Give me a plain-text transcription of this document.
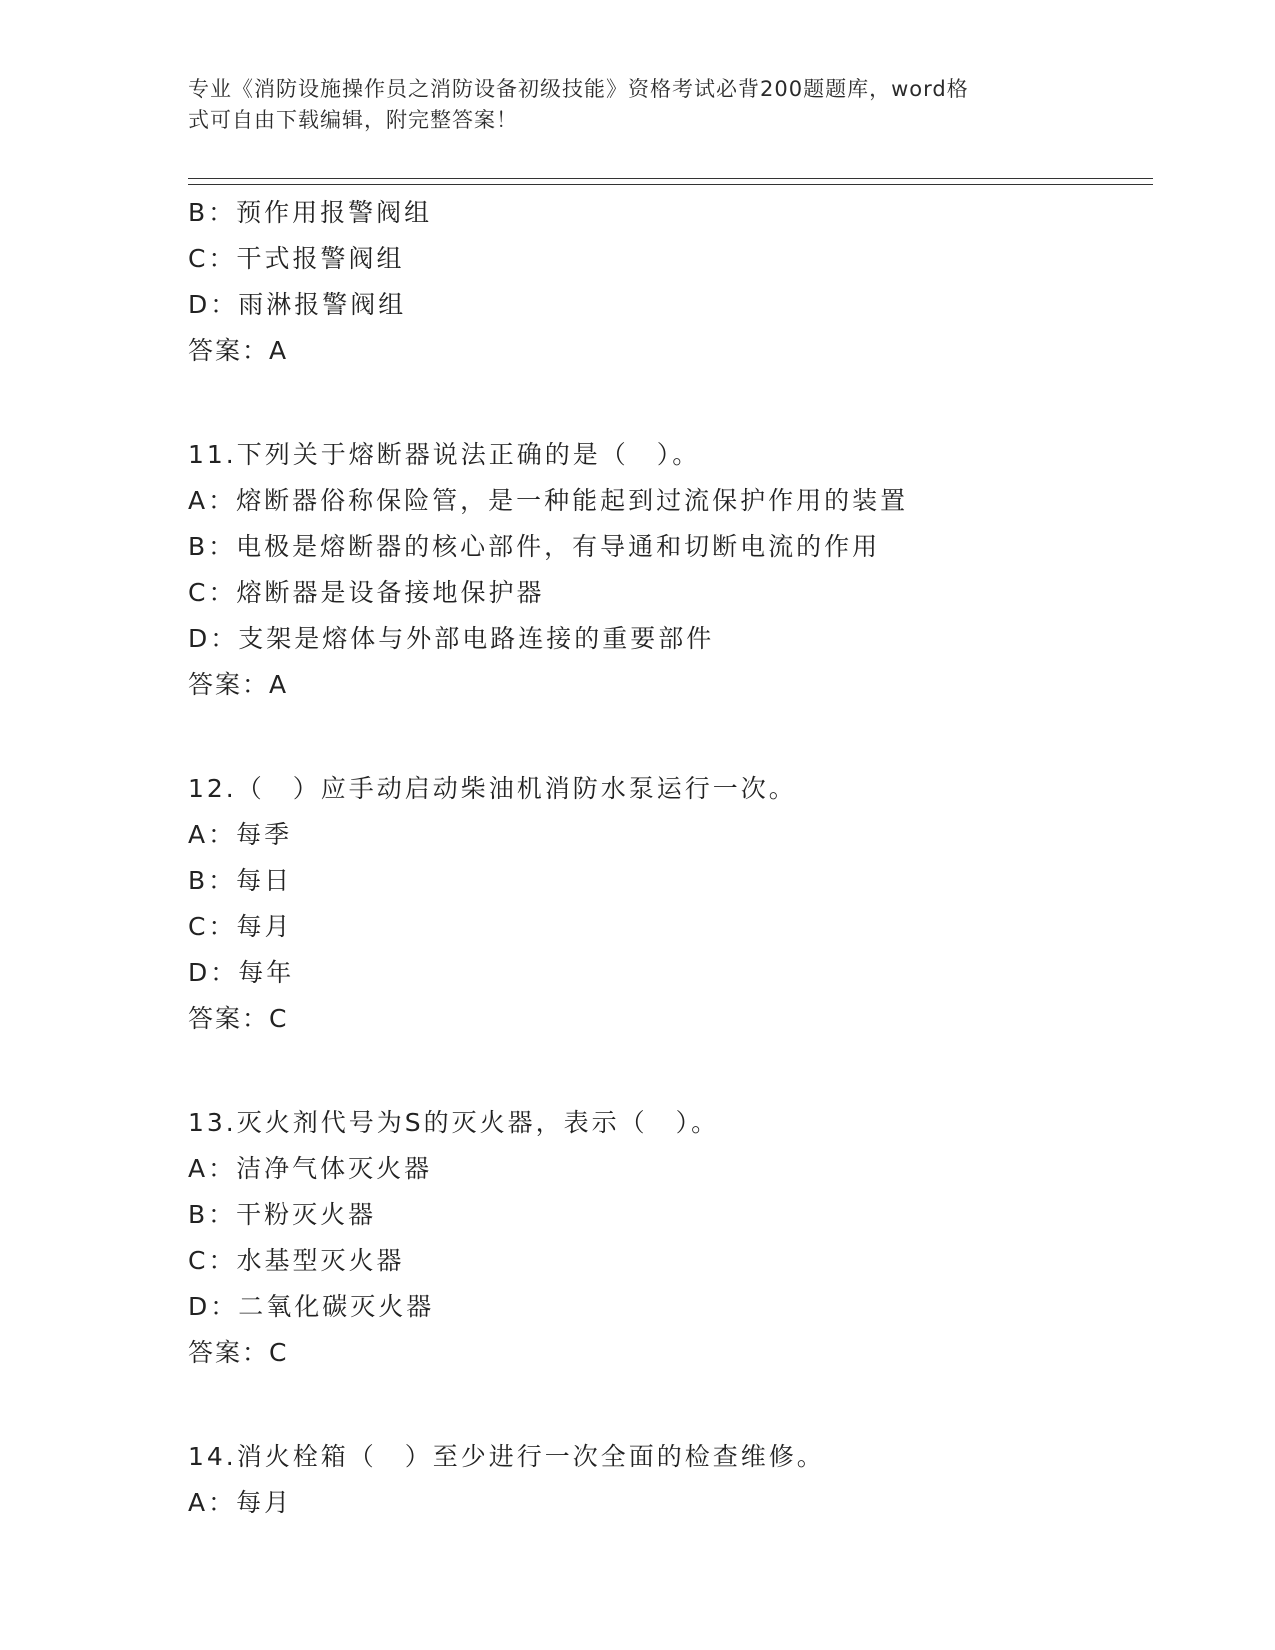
专业《消防设施操作员之消防设备初级技能》资格考试必背200题题库，word格
式可自由下载编辑，附完整答案！
B：预作用报警阀组
C：干式报警阀组
D：雨淋报警阀组
答案：A
11.下列关于熔断器说法正确的是（　）。
A：熔断器俗称保险管，是一种能起到过流保护作用的装置
B：电极是熔断器的核心部件，有导通和切断电流的作用
C：熔断器是设备接地保护器
D：支架是熔体与外部电路连接的重要部件
答案：A
12.（　）应手动启动柴油机消防水泵运行一次。
A：每季
B：每日
C：每月
D：每年
答案：C
13.灭火剂代号为S的灭火器，表示（　）。
A：洁净气体灭火器
B：干粉灭火器
C：水基型灭火器
D：二氧化碳灭火器
答案：C
14.消火栓箱（　）至少进行一次全面的检查维修。
A：每月
